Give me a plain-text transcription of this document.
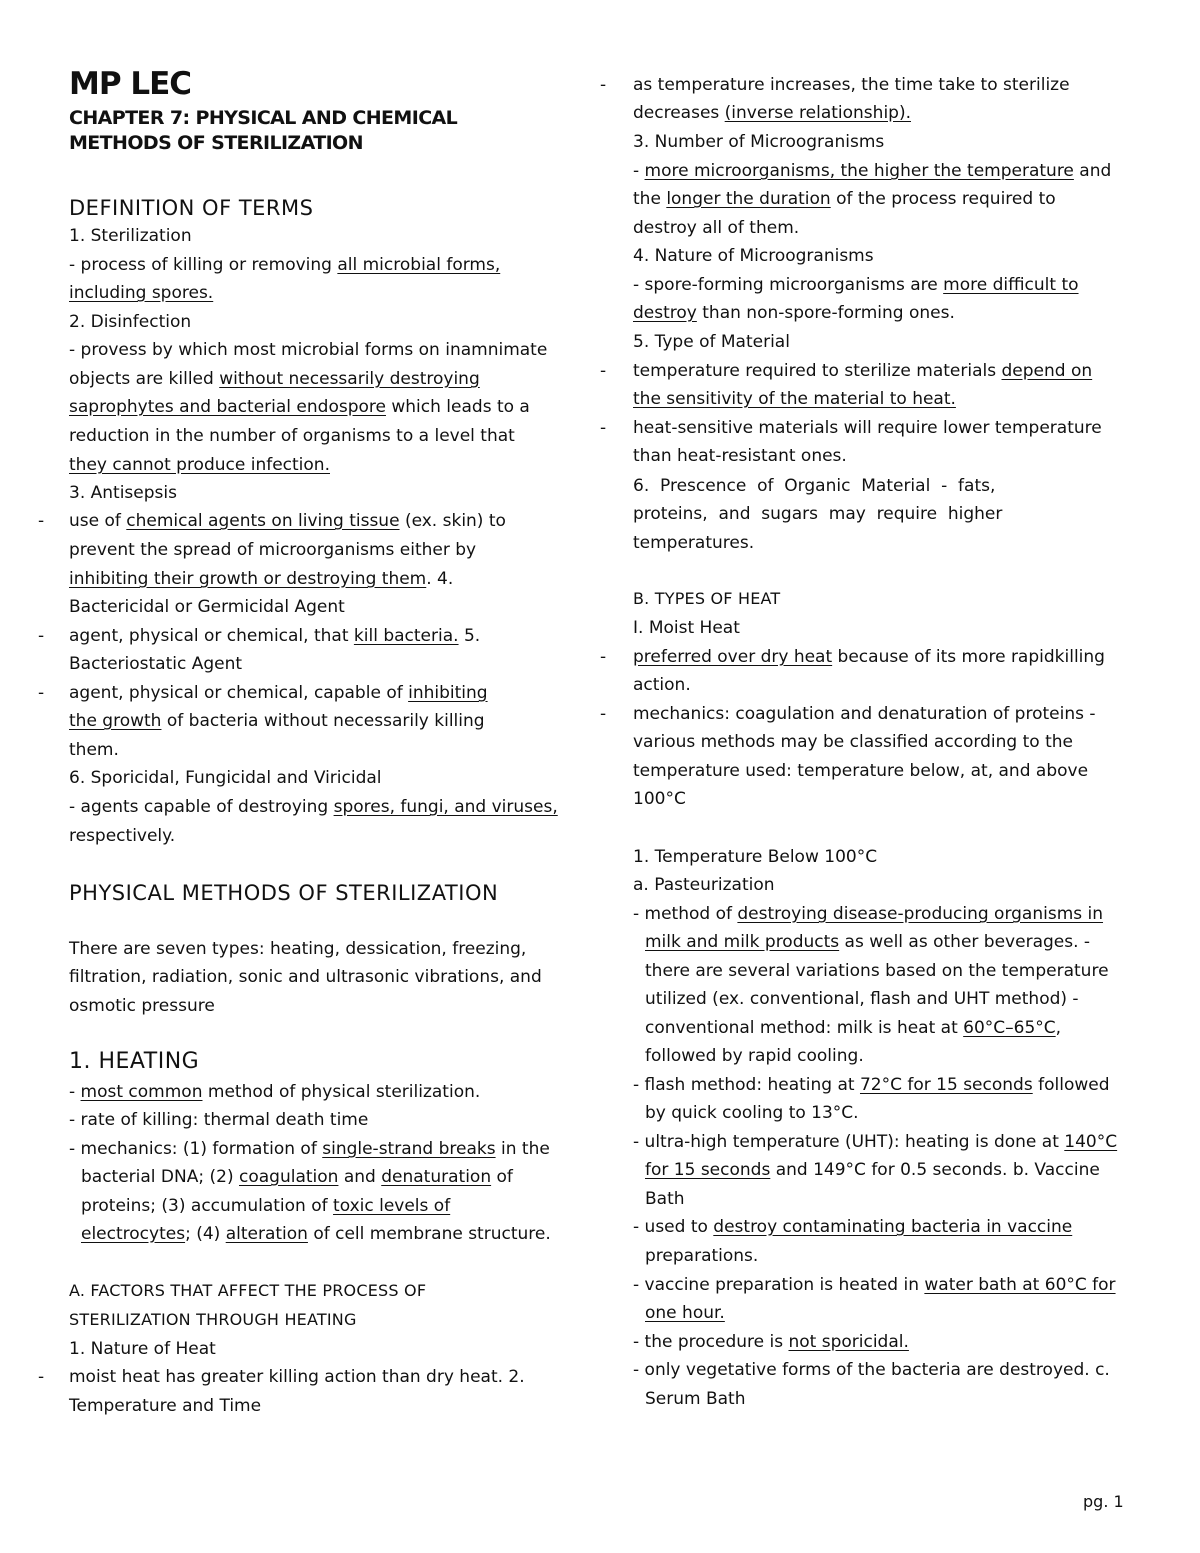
MP LEC
CHAPTER 7: PHYSICAL AND CHEMICAL
METHODS OF STERILIZATION
DEFINITION OF TERMS
1. Sterilization
- process of killing or removing all microbial forms,
including spores.
2. Disinfection
- provess by which most microbial forms on inamnimate
objects are killed without necessarily destroying
saprophytes and bacterial endospore which leads to a
reduction in the number of organisms to a level that
they cannot produce infection.
3. Antisepsis
- use of chemical agents on living tissue (ex. skin) to
prevent the spread of microorganisms either by
inhibiting their growth or destroying them. 4.
Bactericidal or Germicidal Agent
- agent, physical or chemical, that kill bacteria. 5.
Bacteriostatic Agent
- agent, physical or chemical, capable of inhibiting
the growth of bacteria without necessarily killing
them.
6. Sporicidal, Fungicidal and Viricidal
- agents capable of destroying spores, fungi, and viruses,
respectively.
PHYSICAL METHODS OF STERILIZATION
There are seven types: heating, dessication, freezing,
filtration, radiation, sonic and ultrasonic vibrations, and
osmotic pressure
1. HEATING
- most common method of physical sterilization.
- rate of killing: thermal death time
- mechanics: (1) formation of single-strand breaks in the
bacterial DNA; (2) coagulation and denaturation of
proteins; (3) accumulation of toxic levels of
electrocytes; (4) alteration of cell membrane structure.
A. FACTORS THAT AFFECT THE PROCESS OF
STERILIZATION THROUGH HEATING
1. Nature of Heat
- moist heat has greater killing action than dry heat. 2.
Temperature and Time
- as temperature increases, the time take to sterilize
decreases (inverse relationship).
3. Number of Microogranisms
- more microorganisms, the higher the temperature and
the longer the duration of the process required to
destroy all of them.
4. Nature of Microogranisms
- spore-forming microorganisms are more difficult to
destroy than non-spore-forming ones.
5. Type of Material
- temperature required to sterilize materials depend on
the sensitivity of the material to heat.
- heat-sensitive materials will require lower temperature
than heat-resistant ones.
6.  Prescence  of  Organic  Material  -  fats,
proteins,  and  sugars  may  require  higher
temperatures.
B. TYPES OF HEAT
I. Moist Heat
- preferred over dry heat because of its more rapidkilling
action.
- mechanics: coagulation and denaturation of proteins -
various methods may be classified according to the
temperature used: temperature below, at, and above
100°C
1. Temperature Below 100°C
a. Pasteurization
- method of destroying disease-producing organisms in
milk and milk products as well as other beverages. -
there are several variations based on the temperature
utilized (ex. conventional, flash and UHT method) -
conventional method: milk is heat at 60°C–65°C,
followed by rapid cooling.
- flash method: heating at 72°C for 15 seconds followed
by quick cooling to 13°C.
- ultra-high temperature (UHT): heating is done at 140°C
for 15 seconds and 149°C for 0.5 seconds. b. Vaccine
Bath
- used to destroy contaminating bacteria in vaccine
preparations.
- vaccine preparation is heated in water bath at 60°C for
one hour.
- the procedure is not sporicidal.
- only vegetative forms of the bacteria are destroyed. c.
Serum Bath
pg. 1
